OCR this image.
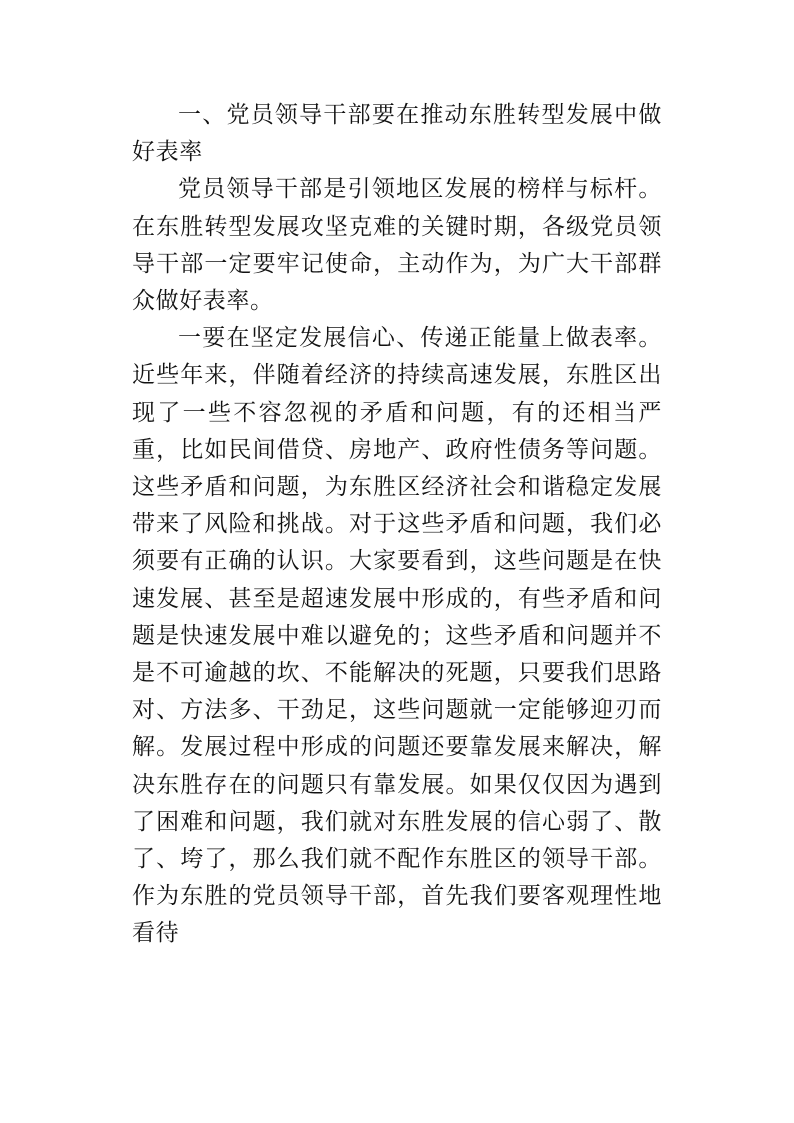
一、党员领导干部要在推动东胜转型发展中做好表率

党员领导干部是引领地区发展的榜样与标杆。在东胜转型发展攻坚克难的关键时期，各级党员领导干部一定要牢记使命，主动作为，为广大干部群众做好表率。

一要在坚定发展信心、传递正能量上做表率。近些年来，伴随着经济的持续高速发展，东胜区出现了一些不容忽视的矛盾和问题，有的还相当严重，比如民间借贷、房地产、政府性债务等问题。这些矛盾和问题，为东胜区经济社会和谐稳定发展带来了风险和挑战。对于这些矛盾和问题，我们必须要有正确的认识。大家要看到，这些问题是在快速发展、甚至是超速发展中形成的，有些矛盾和问题是快速发展中难以避免的；这些矛盾和问题并不是不可逾越的坎、不能解决的死题，只要我们思路对、方法多、干劲足，这些问题就一定能够迎刃而解。发展过程中形成的问题还要靠发展来解决，解决东胜存在的问题只有靠发展。如果仅仅因为遇到了困难和问题，我们就对东胜发展的信心弱了、散了、垮了，那么我们就不配作东胜区的领导干部。作为东胜的党员领导干部，首先我们要客观理性地看待
